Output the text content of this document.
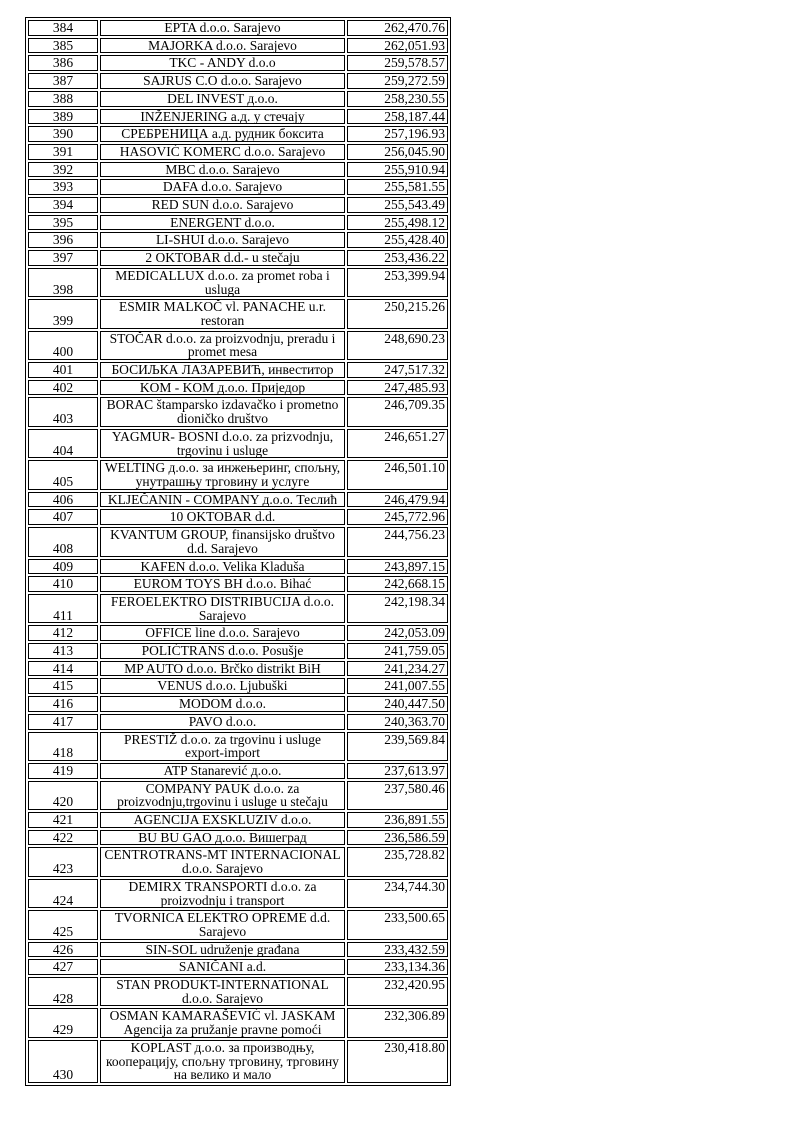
384	EPTA d.o.o. Sarajevo	262,470.76
385	MAJORKA d.o.o. Sarajevo	262,051.93
386	TKC - ANDY d.o.o	259,578.57
387	SAJRUS C.O d.o.o. Sarajevo	259,272.59
388	DEL INVEST д.о.о.	258,230.55
389	INŽENJERING а.д. у стечају	258,187.44
390	СРЕБРЕНИЦА а.д. рудник боксита	257,196.93
391	HASOVIĆ KOMERC d.o.o. Sarajevo	256,045.90
392	MBC d.o.o. Sarajevo	255,910.94
393	DAFA d.o.o. Sarajevo	255,581.55
394	RED SUN d.o.o. Sarajevo	255,543.49
395	ENERGENT d.o.o.	255,498.12
396	LI-SHUI d.o.o. Sarajevo	255,428.40
397	2 OKTOBAR d.d.- u stečaju	253,436.22
398	MEDICALLUX d.o.o. za promet roba i usluga	253,399.94
399	ESMIR MALKOČ vl. PANACHE u.r. restoran	250,215.26
400	STOČAR d.o.o. za proizvodnju, preradu i promet mesa	248,690.23
401	БОСИЉКА ЛАЗАРЕВИЋ, инвеститор	247,517.32
402	KOM - KOM д.о.о. Приједор	247,485.93
403	BORAC štamparsko izdavačko i prometno dioničko društvo	246,709.35
404	YAGMUR- BOSNI d.o.o. za prizvodnju, trgovinu i usluge	246,651.27
405	WELTING д.о.о. за инжењеринг, спољну, унутрашњу трговину и услуге	246,501.10
406	KLJEČANIN - COMPANY д.о.о. Теслић	246,479.94
407	10 OKTOBAR d.d.	245,772.96
408	KVANTUM GROUP, finansijsko društvo d.d. Sarajevo	244,756.23
409	KAFEN d.o.o. Velika Kladuša	243,897.15
410	EUROM TOYS BH d.o.o. Bihać	242,668.15
411	FEROELEKTRO DISTRIBUCIJA d.o.o. Sarajevo	242,198.34
412	OFFICE line d.o.o. Sarajevo	242,053.09
413	POLIĆTRANS d.o.o. Posušje	241,759.05
414	MP AUTO d.o.o. Brčko distrikt BiH	241,234.27
415	VENUS d.o.o. Ljubuški	241,007.55
416	MODOM d.o.o.	240,447.50
417	PAVO d.o.o.	240,363.70
418	PRESTIŽ d.o.o. za trgovinu i usluge export-import	239,569.84
419	ATP Stanarević д.о.о.	237,613.97
420	COMPANY PAUK d.o.o. za proizvodnju,trgovinu i usluge u stečaju	237,580.46
421	AGENCIJA EXSKLUZIV d.o.o.	236,891.55
422	BU BU GAO д.о.о. Вишеград	236,586.59
423	CENTROTRANS-MT INTERNACIONAL d.o.o. Sarajevo	235,728.82
424	DEMIRX TRANSPORTI d.o.o. za proizvodnju i transport	234,744.30
425	TVORNICA ELEKTRO OPREME d.d. Sarajevo	233,500.65
426	SIN-SOL udruženje građana	233,432.59
427	SANIČANI a.d.	233,134.36
428	STAN PRODUKT-INTERNATIONAL d.o.o. Sarajevo	232,420.95
429	OSMAN KAMARAŠEVIĆ vl. JASKAM Agencija za pružanje pravne pomoći	232,306.89
430	KOPLAST д.о.о. за производњу, кооперацију, спољну трговину, трговину на велико и мало	230,418.80
